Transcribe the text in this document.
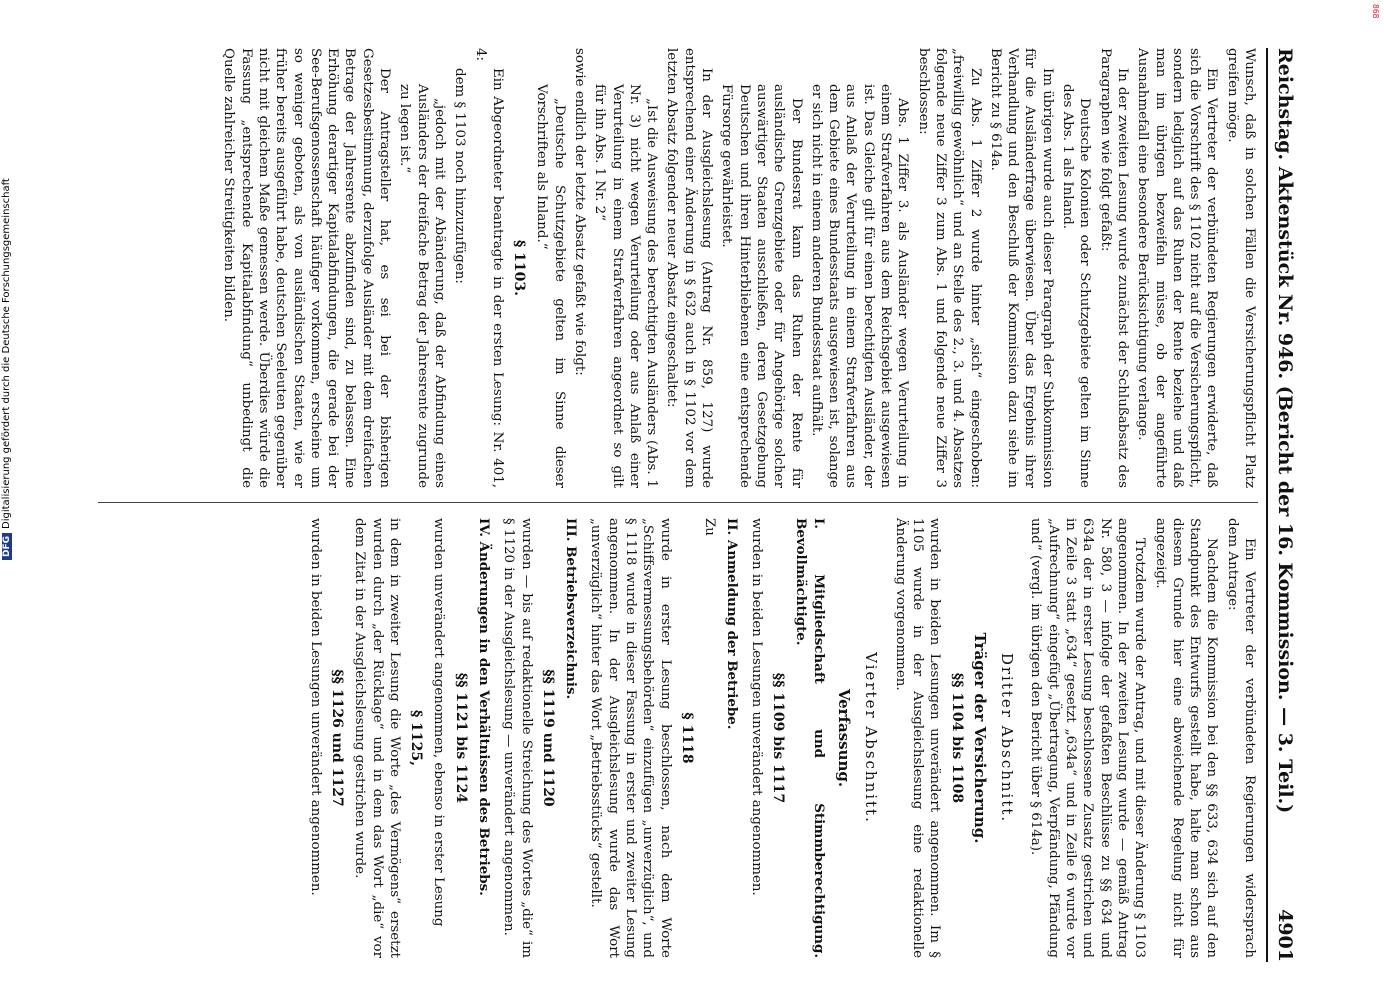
DFGDigitalisierung gefördert durch die Deutsche Forschungsgemeinschaft
868
Reichstag. Aktenstück Nr. 946. (Bericht der 16. Kommission. — 3. Teil.)
4901

Wunsch, daß in solchen Fällen die Versicherungspflicht Platz greifen möge.

Ein Vertreter der verbündeten Regierungen erwiderte, daß sich die Vorschrift des § 1102 nicht auf die Versicherungspflicht, sondern lediglich auf das Ruhen der Rente beziehe und daß man im übrigen bezweifeln müsse, ob der angeführte Ausnahmefall eine besondere Berücksichtigung verlange.

In der zweiten Lesung wurde zunächst der Schlußabsatz des Paragraphen wie folgt gefaßt:

Deutsche Kolonien oder Schutzgebiete gelten im Sinne des Abs. 1 als Inland.

Im übrigen wurde auch dieser Paragraph der Subkommission für die Ausländerfrage überwiesen. Über das Ergebnis ihrer Verhandlung und den Beschluß der Kommission dazu siehe im Bericht zu § 614a.

Zu Abs. 1 Ziffer 2 wurde hinter „sich“ eingeschoben: „freiwillig gewöhnlich“ und an Stelle des 2., 3. und 4. Absatzes folgende neue Ziffer 3 zum Abs. 1 und folgende neue Ziffer 3 beschlossen:

Abs. 1 Ziffer 3. als Ausländer wegen Verurteilung in einem Strafverfahren aus dem Reichsgebiet ausgewiesen ist. Das Gleiche gilt für einen berechtigten Ausländer, der aus Anlaß der Verurteilung in einem Strafverfahren aus dem Gebiete eines Bundesstaats ausgewiesen ist, solange er sich nicht in einem anderen Bundesstaat aufhält.

Der Bundesrat kann das Ruhen der Rente für ausländische Grenzgebiete oder für Angehörige solcher auswärtiger Staaten ausschließen, deren Gesetzgebung Deutschen und ihren Hinterbliebenen eine entsprechende Fürsorge gewährleistet.

In der Ausgleichslesung (Antrag Nr. 859, 127) wurde entsprechend einer Änderung in § 632 auch in § 1102 vor dem letzten Absatz folgender neuer Absatz eingeschaltet:

„Ist die Ausweisung des berechtigten Ausländers (Abs. 1 Nr. 3) nicht wegen Verurteilung oder aus Anlaß einer Verurteilung in einem Strafverfahren angeordnet so gilt für ihn Abs. 1 Nr. 2“

sowie endlich der letzte Absatz gefaßt wie folgt:

„Deutsche Schutzgebiete gelten im Sinne dieser Vorschriften als Inland.“

§ 1103.

Ein Abgeordneter beantragte in der ersten Lesung: Nr. 401, 4:

dem § 1103 noch hinzuzufügen:

„jedoch mit der Abänderung, daß der Abfindung eines Ausländers der dreifache Betrag der Jahresrente zugrunde zu legen ist.“

Der Antragsteller hat, es sei bei der bisherigen Gesetzesbestimmung, derzufolge Ausländer mit dem dreifachen Betrage der Jahresrente abzufinden sind, zu belassen. Eine Erhöhung derartiger Kapitalabfindungen, die gerade bei der See-Berufsgenossenschaft häufiger vorkommen, erscheine um so weniger geboten, als von ausländischen Staaten, wie er früher bereits ausgeführt habe, deutschen Seeleuten gegenüber nicht mit gleichem Maße gemessen werde. Überdies würde die Fassung „entsprechende Kapitalabfindung“ unbedingt die Quelle zahlreicher Streitigkeiten bilden.

Ein Vertreter der verbündeten Regierungen widersprach dem Antrage:

Nachdem die Kommission bei den §§ 633, 634 sich auf den Standpunkt des Entwurfs gestellt habe, halte man schon aus diesem Grunde hier eine abweichende Regelung nicht für angezeigt.

Trotzdem wurde der Antrag, und mit dieser Änderung § 1103 angenommen. In der zweiten Lesung wurde — gemäß Antrag Nr. 580, 3 — infolge der gefaßten Beschlüsse zu §§ 634 und 634a der in erster Lesung beschlossene Zusatz gestrichen und in Zeile 3 statt „634“ gesetzt „634a“ und in Zeile 6 wurde vor „Aufrechnung“ eingefügt „Übertragung, Verpfändung, Pfändung und“ (vergl. im übrigen den Bericht über § 614a).

Dritter Abschnitt.
Träger der Versicherung.
§§ 1104 bis 1108

wurden in beiden Lesungen unverändert angenommen. Im § 1105 wurde in der Ausgleichslesung eine redaktionelle Änderung vorgenommen.

Vierter Abschnitt.
Verfassung.
I. Mitgliedschaft und Stimmberechtigung. Bevollmächtigte.
§§ 1109 bis 1117

wurden in beiden Lesungen unverändert angenommen.

II. Anmeldung der Betriebe.

Zu

§ 1118

wurde in erster Lesung beschlossen, nach dem Worte „Schiffsvermessungsbehörden“ einzufügen „unverzüglich“, und § 1118 wurde in dieser Fassung in erster und zweiter Lesung angenommen. In der Ausgleichslesung wurde das Wort „unverzüglich“ hinter das Wort „Betriebsstücks“ gestellt.

III. Betriebsverzeichnis.
§§ 1119 und 1120

wurden — bis auf redaktionelle Streichung des Wortes „die“ im § 1120 in der Ausgleichslesung — unverändert angenommen.

IV. Änderungen in den Verhältnissen des Betriebs.
§§ 1121 bis 1124

wurden unverändert angenommen, ebenso in erster Lesung

§ 1125,

in dem in zweiter Lesung die Worte „des Vermögens“ ersetzt wurden durch „der Rücklage“ und in dem das Wort „die“ vor dem Zitat in der Ausgleichslesung gestrichen wurde.

§§ 1126 und 1127

wurden in beiden Lesungen unverändert angenommen.
